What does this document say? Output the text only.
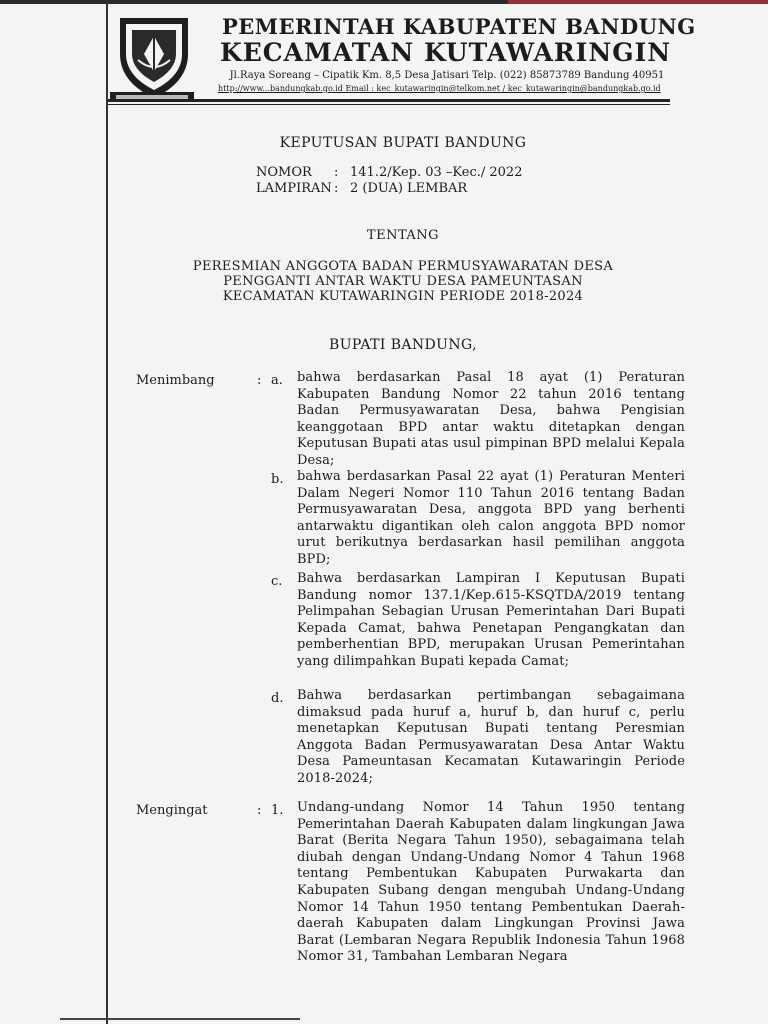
PEMERINTAH KABUPATEN BANDUNG
KECAMATAN KUTAWARINGIN
Jl.Raya Soreang – Cipatik Km. 8,5 Desa Jatisari Telp. (022) 85873789 Bandung 40951
http://www...bandungkab.go.id Email : kec_kutawaringin@telkom.net / kec_kutawaringin@bandungkab.go.id
KEPUTUSAN BUPATI BANDUNG
NOMOR : 141.2/Kep. 03 –Kec./ 2022
LAMPIRAN : 2 (DUA) LEMBAR
TENTANG
PERESMIAN ANGGOTA BADAN PERMUSYAWARATAN DESA
PENGGANTI ANTAR WAKTU DESA PAMEUNTASAN
KECAMATAN KUTAWARINGIN PERIODE 2018-2024
BUPATI BANDUNG,
Menimbang	: a. bahwa berdasarkan Pasal 18 ayat (1) Peraturan Kabupaten Bandung Nomor 22 tahun 2016 tentang Badan Permusyawaratan Desa, bahwa Pengisian keanggotaan BPD antar waktu ditetapkan dengan Keputusan Bupati atas usul pimpinan BPD melalui Kepala Desa;
b. bahwa berdasarkan Pasal 22 ayat (1) Peraturan Menteri Dalam Negeri Nomor 110 Tahun 2016 tentang Badan Permusyawaratan Desa, anggota BPD yang berhenti antarwaktu digantikan oleh calon anggota BPD nomor urut berikutnya berdasarkan hasil pemilihan anggota BPD;
c. Bahwa berdasarkan Lampiran I Keputusan Bupati Bandung nomor 137.1/Kep.615-KSQTDA/2019 tentang Pelimpahan Sebagian Urusan Pemerintahan Dari Bupati Kepada Camat, bahwa Penetapan Pengangkatan dan pemberhentian BPD, merupakan Urusan Pemerintahan yang dilimpahkan Bupati kepada Camat;
d. Bahwa berdasarkan pertimbangan sebagaimana dimaksud pada huruf a, huruf b, dan huruf c, perlu menetapkan Keputusan Bupati tentang Peresmian Anggota Badan Permusyawaratan Desa Antar Waktu Desa Pameuntasan Kecamatan Kutawaringin Periode 2018-2024;
Mengingat	: 1. Undang-undang Nomor 14 Tahun 1950 tentang Pemerintahan Daerah Kabupaten dalam lingkungan Jawa Barat (Berita Negara Tahun 1950), sebagaimana telah diubah dengan Undang-Undang Nomor 4 Tahun 1968 tentang Pembentukan Kabupaten Purwakarta dan Kabupaten Subang dengan mengubah Undang-Undang Nomor 14 Tahun 1950 tentang Pembentukan Daerah-daerah Kabupaten dalam Lingkungan Provinsi Jawa Barat (Lembaran Negara Republik Indonesia Tahun 1968 Nomor 31, Tambahan Lembaran Negara
